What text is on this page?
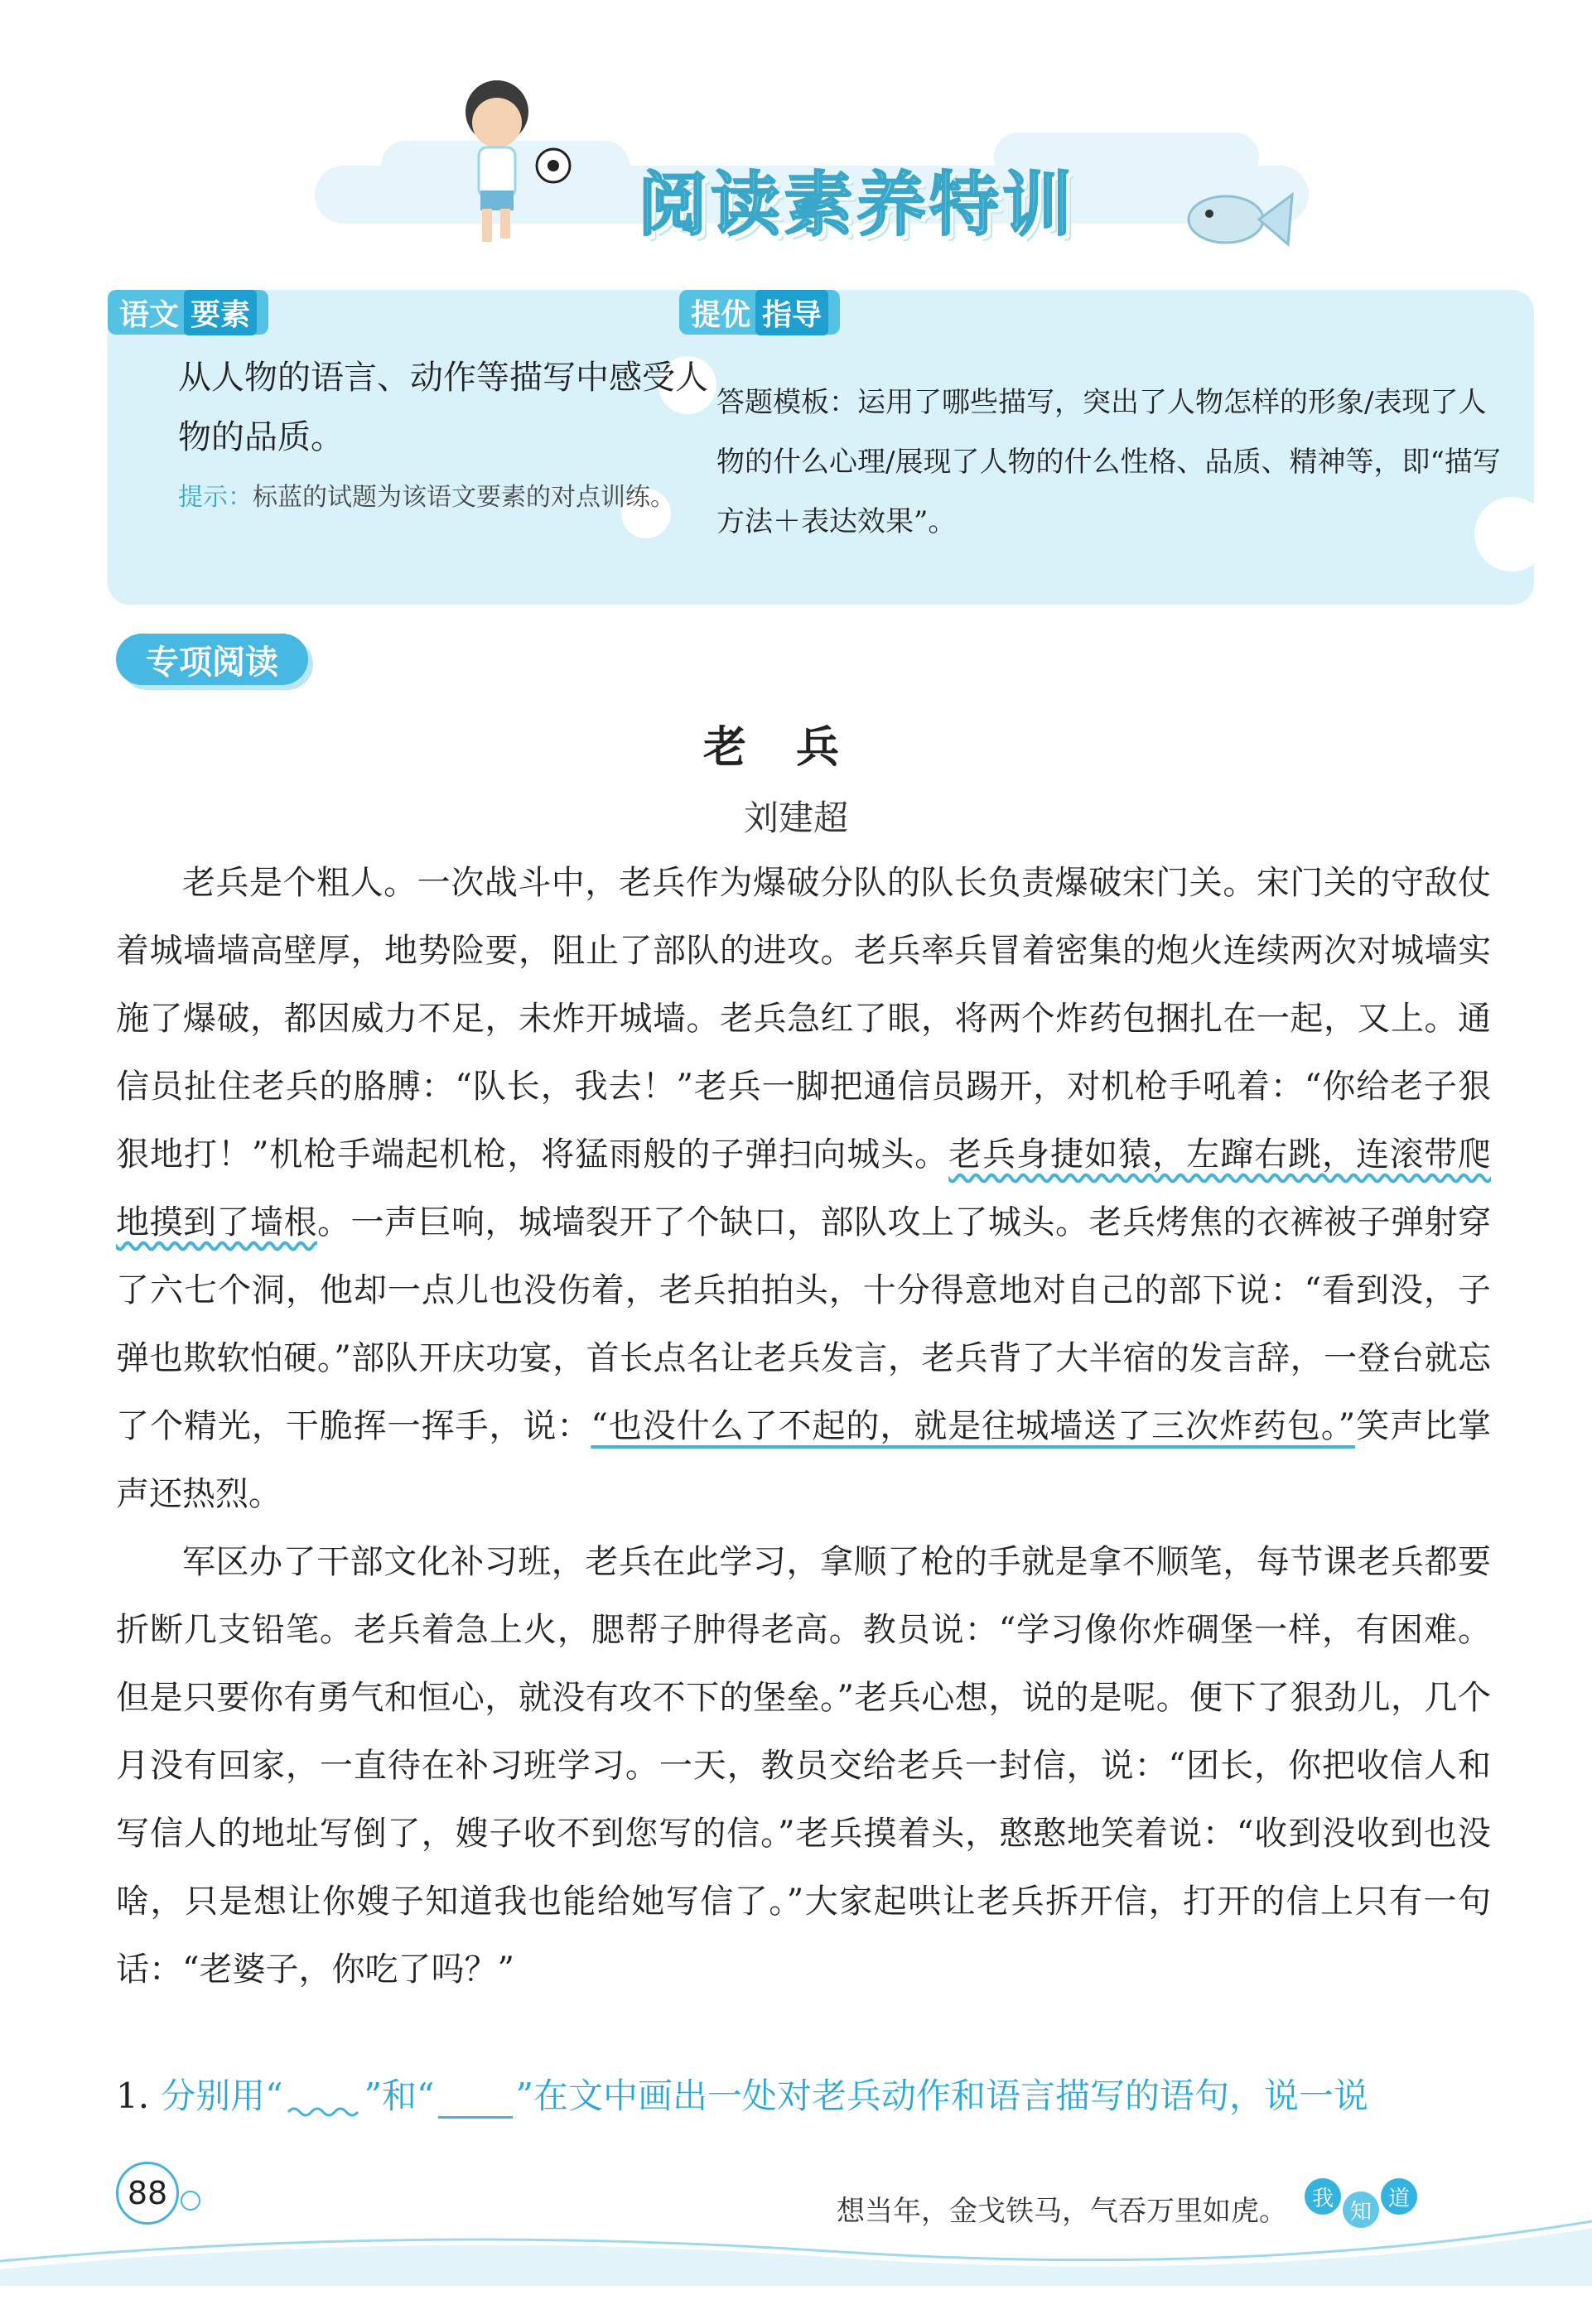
阅读素养特训
语文 要素
从人物的语言、动作等描写中感受人物的品质。
提示：标蓝的试题为该语文要素的对点训练。
提优 指导
答题模板：运用了哪些描写，突出了人物怎样的形象/表现了人物的什么心理/展现了人物的什么性格、品质、精神等，即“描写方法＋表达效果”。
专项阅读
老兵
刘建超

老兵是个粗人。一次战斗中，老兵作为爆破分队的队长负责爆破宋门关。宋门关的守敌仗着城墙墙高壁厚，地势险要，阻止了部队的进攻。老兵率兵冒着密集的炮火连续两次对城墙实施了爆破，都因威力不足，未炸开城墙。老兵急红了眼，将两个炸药包捆扎在一起，又上。通信员扯住老兵的胳膊：“队长，我去！”老兵一脚把通信员踢开，对机枪手吼着：“你给老子狠狠地打！”机枪手端起机枪，将猛雨般的子弹扫向城头。老兵身捷如猿，左蹿右跳，连滚带爬地摸到了墙根。一声巨响，城墙裂开了个缺口，部队攻上了城头。老兵烤焦的衣裤被子弹射穿了六七个洞，他却一点儿也没伤着，老兵拍拍头，十分得意地对自己的部下说：“看到没，子弹也欺软怕硬。”部队开庆功宴，首长点名让老兵发言，老兵背了大半宿的发言辞，一登台就忘了个精光，干脆挥一挥手，说：“也没什么了不起的，就是往城墙送了三次炸药包。”笑声比掌声还热烈。

军区办了干部文化补习班，老兵在此学习，拿顺了枪的手就是拿不顺笔，每节课老兵都要折断几支铅笔。老兵着急上火，腮帮子肿得老高。教员说：“学习像你炸碉堡一样，有困难。但是只要你有勇气和恒心，就没有攻不下的堡垒。”老兵心想，说的是呢。便下了狠劲儿，几个月没有回家，一直待在补习班学习。一天，教员交给老兵一封信，说：“团长，你把收信人和写信人的地址写倒了，嫂子收不到您写的信。”老兵摸着头，憨憨地笑着说：“收到没收到也没啥，只是想让你嫂子知道我也能给她写信了。”大家起哄让老兵拆开信，打开的信上只有一句话：“老婆子，你吃了吗？”

1. 分别用“ ”和“ ”在文中画出一处对老兵动作和语言描写的语句，说一说
88	想当年，金戈铁马，气吞万里如虎。	我
知
道
